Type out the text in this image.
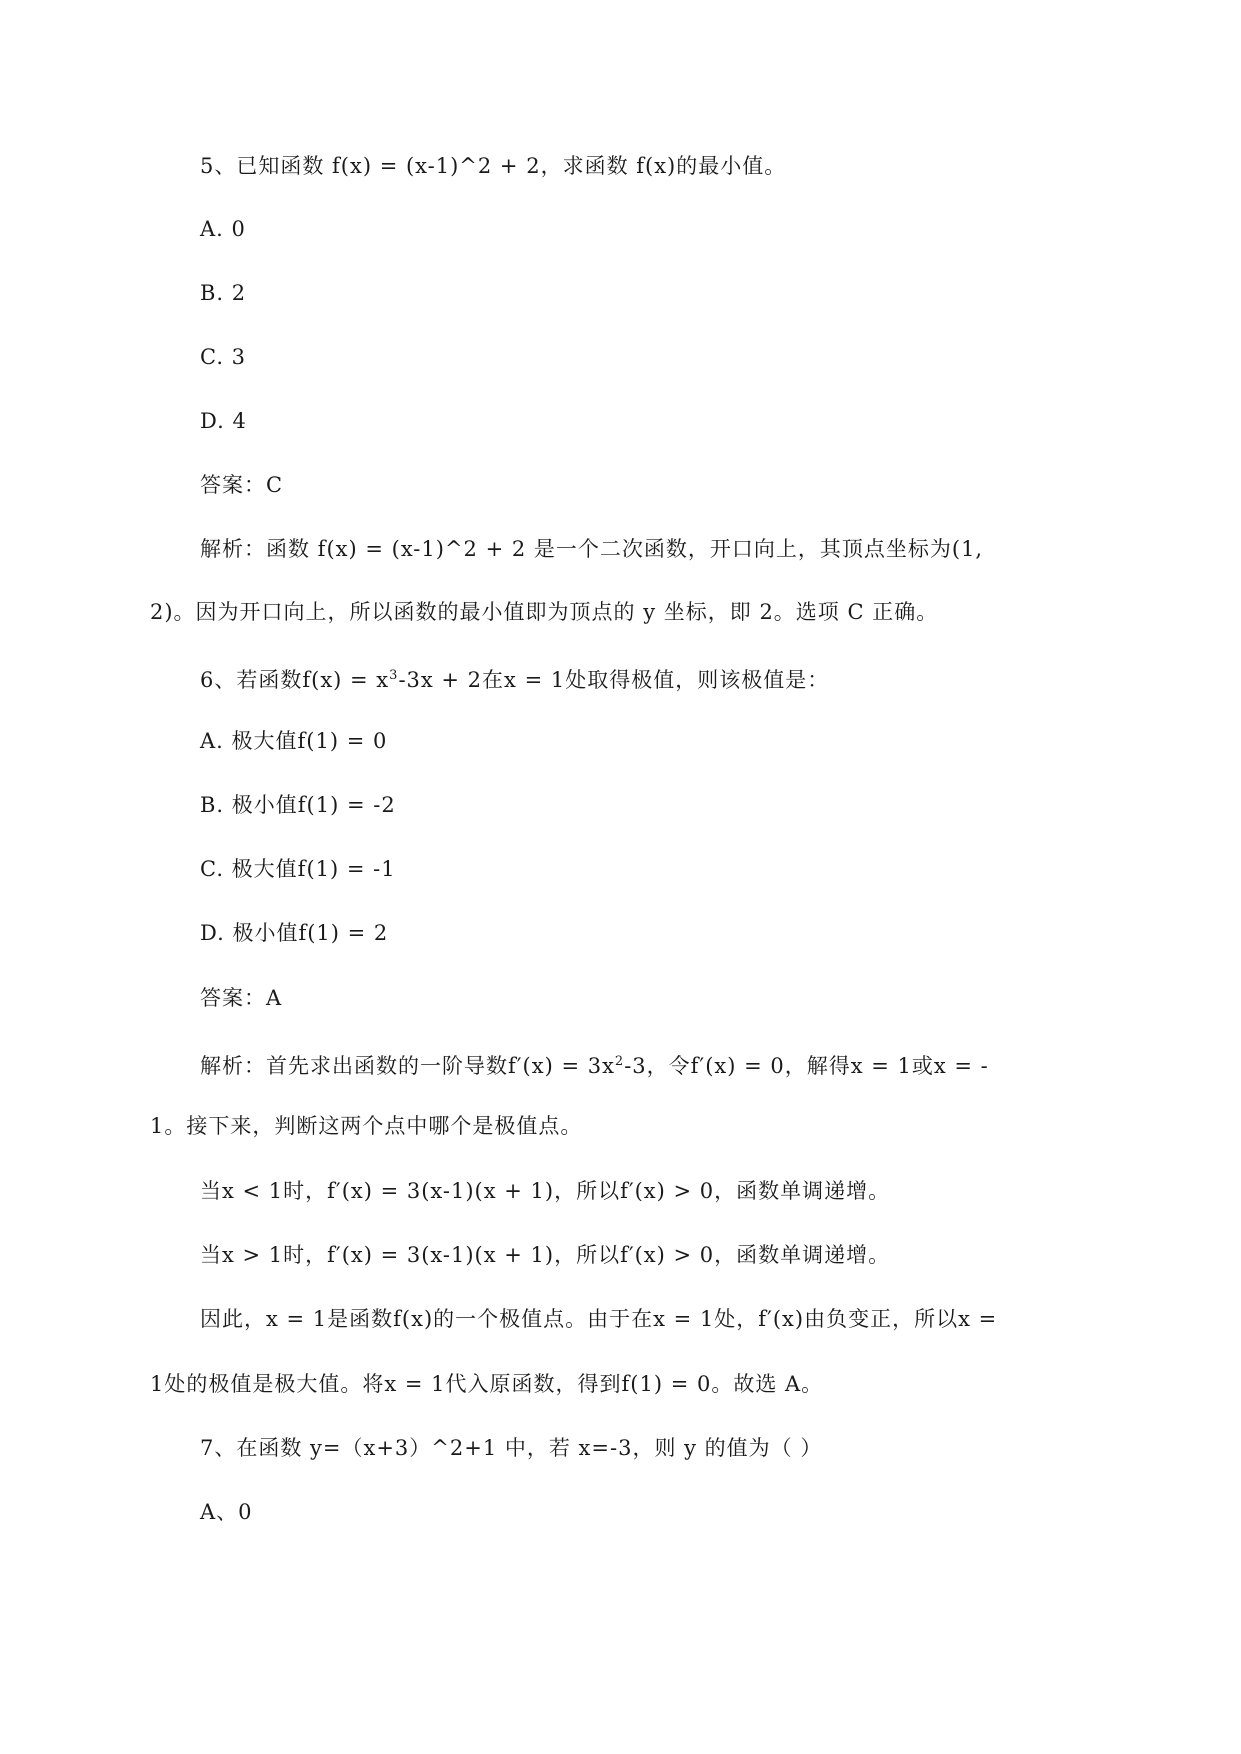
5、已知函数 f(x) = (x-1)^2 + 2，求函数 f(x)的最小值。
A. 0
B. 2
C. 3
D. 4
答案：C
解析：函数 f(x) = (x-1)^2 + 2 是一个二次函数，开口向上，其顶点坐标为(1,
2)。因为开口向上，所以函数的最小值即为顶点的 y 坐标，即 2。选项 C 正确。
6、若函数$f(x) = x^3-3x + 2$在x = 1处取得极值，则该极值是：
A. 极大值f(1) = 0
B. 极小值f(1) = -2
C. 极大值f(1) = -1
D. 极小值f(1) = 2
答案：A
解析：首先求出函数的一阶导数$f'(x) = 3x^2-3$，令f′(x) = 0，解得x = 1或x = -
1。接下来，判断这两个点中哪个是极值点。
当x < 1时，f′(x) = 3(x-1)(x + 1)，所以f′(x) > 0，函数单调递增。
当x > 1时，f′(x) = 3(x-1)(x + 1)，所以f′(x) > 0，函数单调递增。
因此，x = 1是函数f(x)的一个极值点。由于在x = 1处，f′(x)由负变正，所以x =
1处的极值是极大值。将x = 1代入原函数，得到f(1) = 0。故选 A。
7、在函数 y=（x+3）^2+1 中，若 x=-3，则 y 的值为（ ）
A、0
